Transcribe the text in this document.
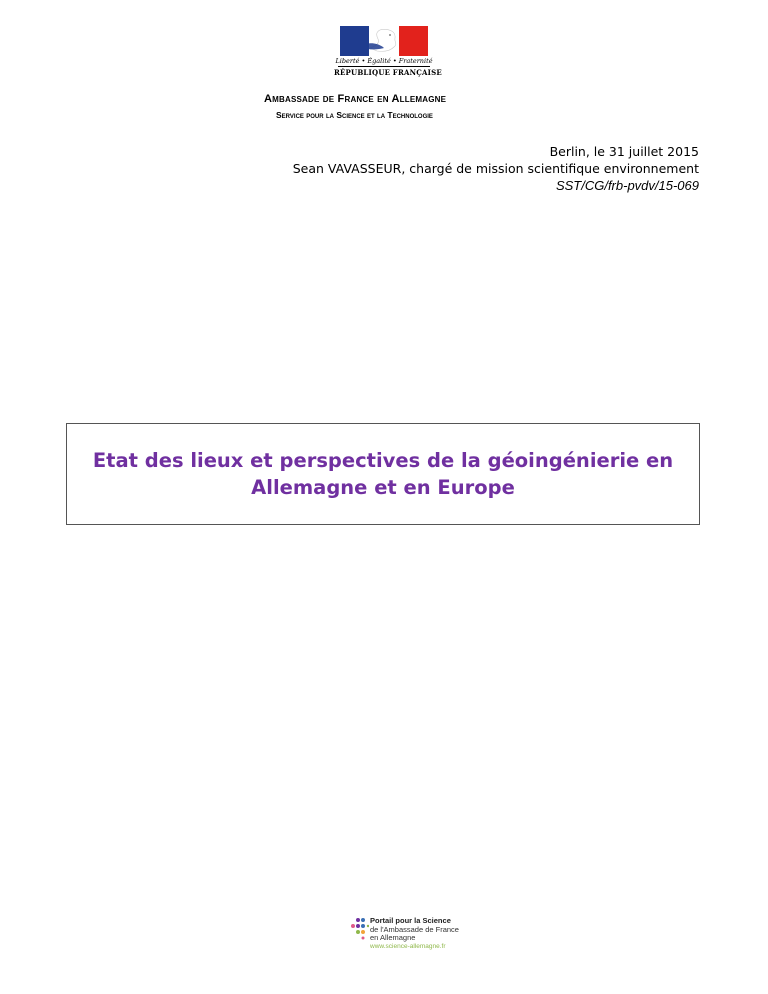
Liberté • Égalité • Fraternité
RÉPUBLIQUE FRANÇAISE
Ambassade de France en Allemagne
Service pour la Science et la Technologie
Berlin, le 31 juillet 2015
Sean VAVASSEUR, chargé de mission scientifique environnement
SST/CG/frb-pvdv/15-069
Etat des lieux et perspectives de la géoingénierie en Allemagne et en Europe
Portail pour la Science
de l'Ambassade de France
en Allemagne
www.science-allemagne.fr
